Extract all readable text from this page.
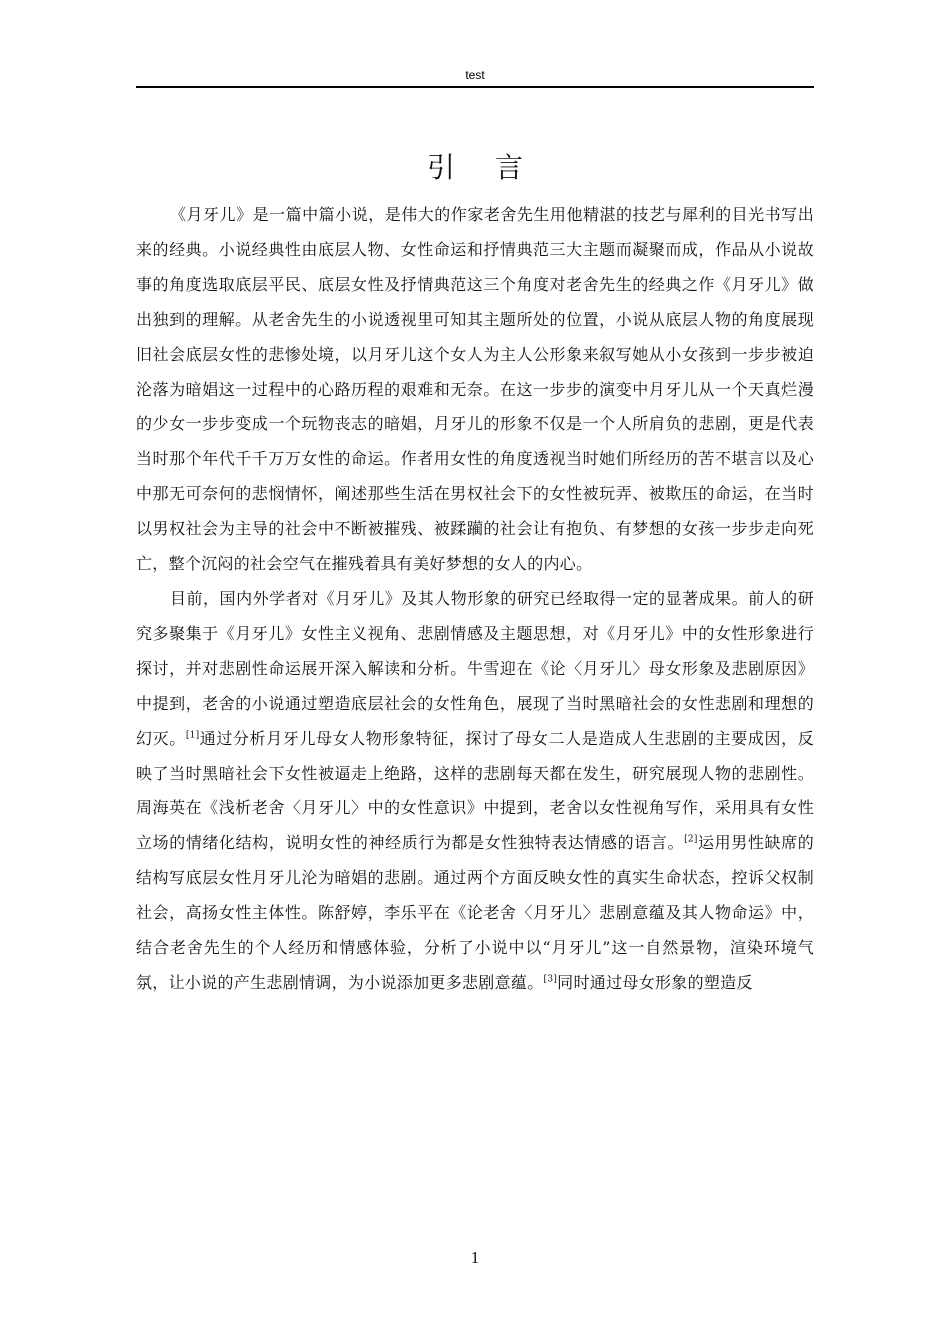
test
引言

《月牙儿》是一篇中篇小说，是伟大的作家老舍先生用他精湛的技艺与犀利的目光书写出来的经典。小说经典性由底层人物、女性命运和抒情典范三大主题而凝聚而成，作品从小说故事的角度选取底层平民、底层女性及抒情典范这三个角度对老舍先生的经典之作《月牙儿》做出独到的理解。从老舍先生的小说透视里可知其主题所处的位置，小说从底层人物的角度展现旧社会底层女性的悲惨处境，以月牙儿这个女人为主人公形象来叙写她从小女孩到一步步被迫沦落为暗娼这一过程中的心路历程的艰难和无奈。在这一步步的演变中月牙儿从一个天真烂漫的少女一步步变成一个玩物丧志的暗娼，月牙儿的形象不仅是一个人所肩负的悲剧，更是代表当时那个年代千千万万女性的命运。作者用女性的角度透视当时她们所经历的苦不堪言以及心中那无可奈何的悲悯情怀，阐述那些生活在男权社会下的女性被玩弄、被欺压的命运，在当时以男权社会为主导的社会中不断被摧残、被蹂躏的社会让有抱负、有梦想的女孩一步步走向死亡，整个沉闷的社会空气在摧残着具有美好梦想的女人的内心。

目前，国内外学者对《月牙儿》及其人物形象的研究已经取得一定的显著成果。前人的研究多聚集于《月牙儿》女性主义视角、悲剧情感及主题思想，对《月牙儿》中的女性形象进行探讨，并对悲剧性命运展开深入解读和分析。牛雪迎在《论〈月牙儿〉母女形象及悲剧原因》中提到，老舍的小说通过塑造底层社会的女性角色，展现了当时黑暗社会的女性悲剧和理想的幻灭。[1]通过分析月牙儿母女人物形象特征，探讨了母女二人是造成人生悲剧的主要成因，反映了当时黑暗社会下女性被逼走上绝路，这样的悲剧每天都在发生，研究展现人物的悲剧性。周海英在《浅析老舍〈月牙儿〉中的女性意识》中提到，老舍以女性视角写作，采用具有女性立场的情绪化结构，说明女性的神经质行为都是女性独特表达情感的语言。[2]运用男性缺席的结构写底层女性月牙儿沦为暗娼的悲剧。通过两个方面反映女性的真实生命状态，控诉父权制社会，高扬女性主体性。陈舒婷，李乐平在《论老舍〈月牙儿〉悲剧意蕴及其人物命运》中，结合老舍先生的个人经历和情感体验，分析了小说中以“月牙儿”这一自然景物，渲染环境气氛，让小说的产生悲剧情调，为小说添加更多悲剧意蕴。[3]同时通过母女形象的塑造反

1
